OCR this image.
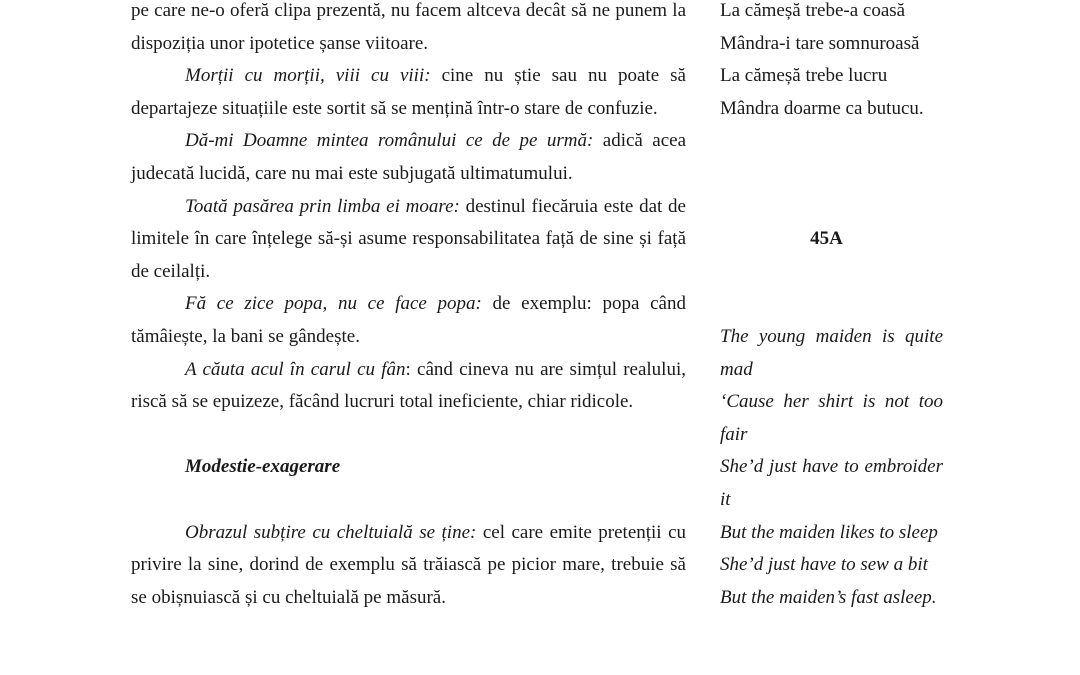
pe care ne-o oferă clipa prezentă, nu facem altceva decât să ne punem la dispoziția unor ipotetice șanse viitoare.

Morții cu morții, viii cu viii: cine nu știe sau nu poate să departajeze situațiile este sortit să se mențină într-o stare de confuzie.

Dă-mi Doamne mintea românului ce de pe urmă: adică acea judecată lucidă, care nu mai este subjugată ultimatumului.

Toată pasărea prin limba ei moare: destinul fiecăruia este dat de limitele în care înțelege să-și asume responsabilitatea față de sine și față de ceilalți.

Fă ce zice popa, nu ce face popa: de exemplu: popa când tămâiește, la bani se gândește.

A căuta acul în carul cu fân: când cineva nu are simțul realului, riscă să se epuizeze, făcând lucruri total ineficiente, chiar ridicole.

Modestie-exagerare

Obrazul subțire cu cheltuială se ține: cel care emite pretenții cu privire la sine, dorind de exemplu să trăiască pe picior mare, trebuie să se obișnuiască și cu cheltuială pe măsură.

La cămeșă trebe-a coasă
Mândra-i tare somnuroasă
La cămeșă trebe lucru
Mândra doarme ca butucu.
45A
The young maiden is quite mad
‘Cause her shirt is not too fair
She’d just have to embroider it
But the maiden likes to sleep
She’d just have to sew a bit
But the maiden’s fast asleep.
